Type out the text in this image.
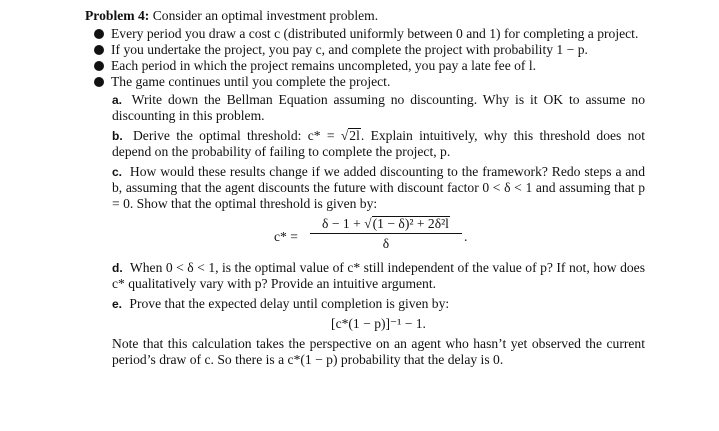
Problem 4: Consider an optimal investment problem.
Every period you draw a cost c (distributed uniformly between 0 and 1) for completing a project.
If you undertake the project, you pay c, and complete the project with probability 1 − p.
Each period in which the project remains uncompleted, you pay a late fee of l.
The game continues until you complete the project.

a. Write down the Bellman Equation assuming no discounting. Why is it OK to assume no discounting in this problem.

b. Derive the optimal threshold: c* = √2l. Explain intuitively, why this threshold does not depend on the probability of failing to complete the project, p.

c. How would these results change if we added discounting to the framework? Redo steps a and b, assuming that the agent discounts the future with discount factor 0 < δ < 1 and assuming that p = 0. Show that the optimal threshold is given by:

$c* = \frac{\text{δ − 1 + √(1 − δ)² + 2δ²l}}{\delta}$ .

d. When 0 < δ < 1, is the optimal value of c* still independent of the value of p? If not, how does c* qualitatively vary with p? Provide an intuitive argument.

e. Prove that the expected delay until completion is given by:

[c*(1 − p)]⁻¹ − 1.

Note that this calculation takes the perspective on an agent who hasn’t yet observed the current period’s draw of c. So there is a c*(1 − p) probability that the delay is 0.
